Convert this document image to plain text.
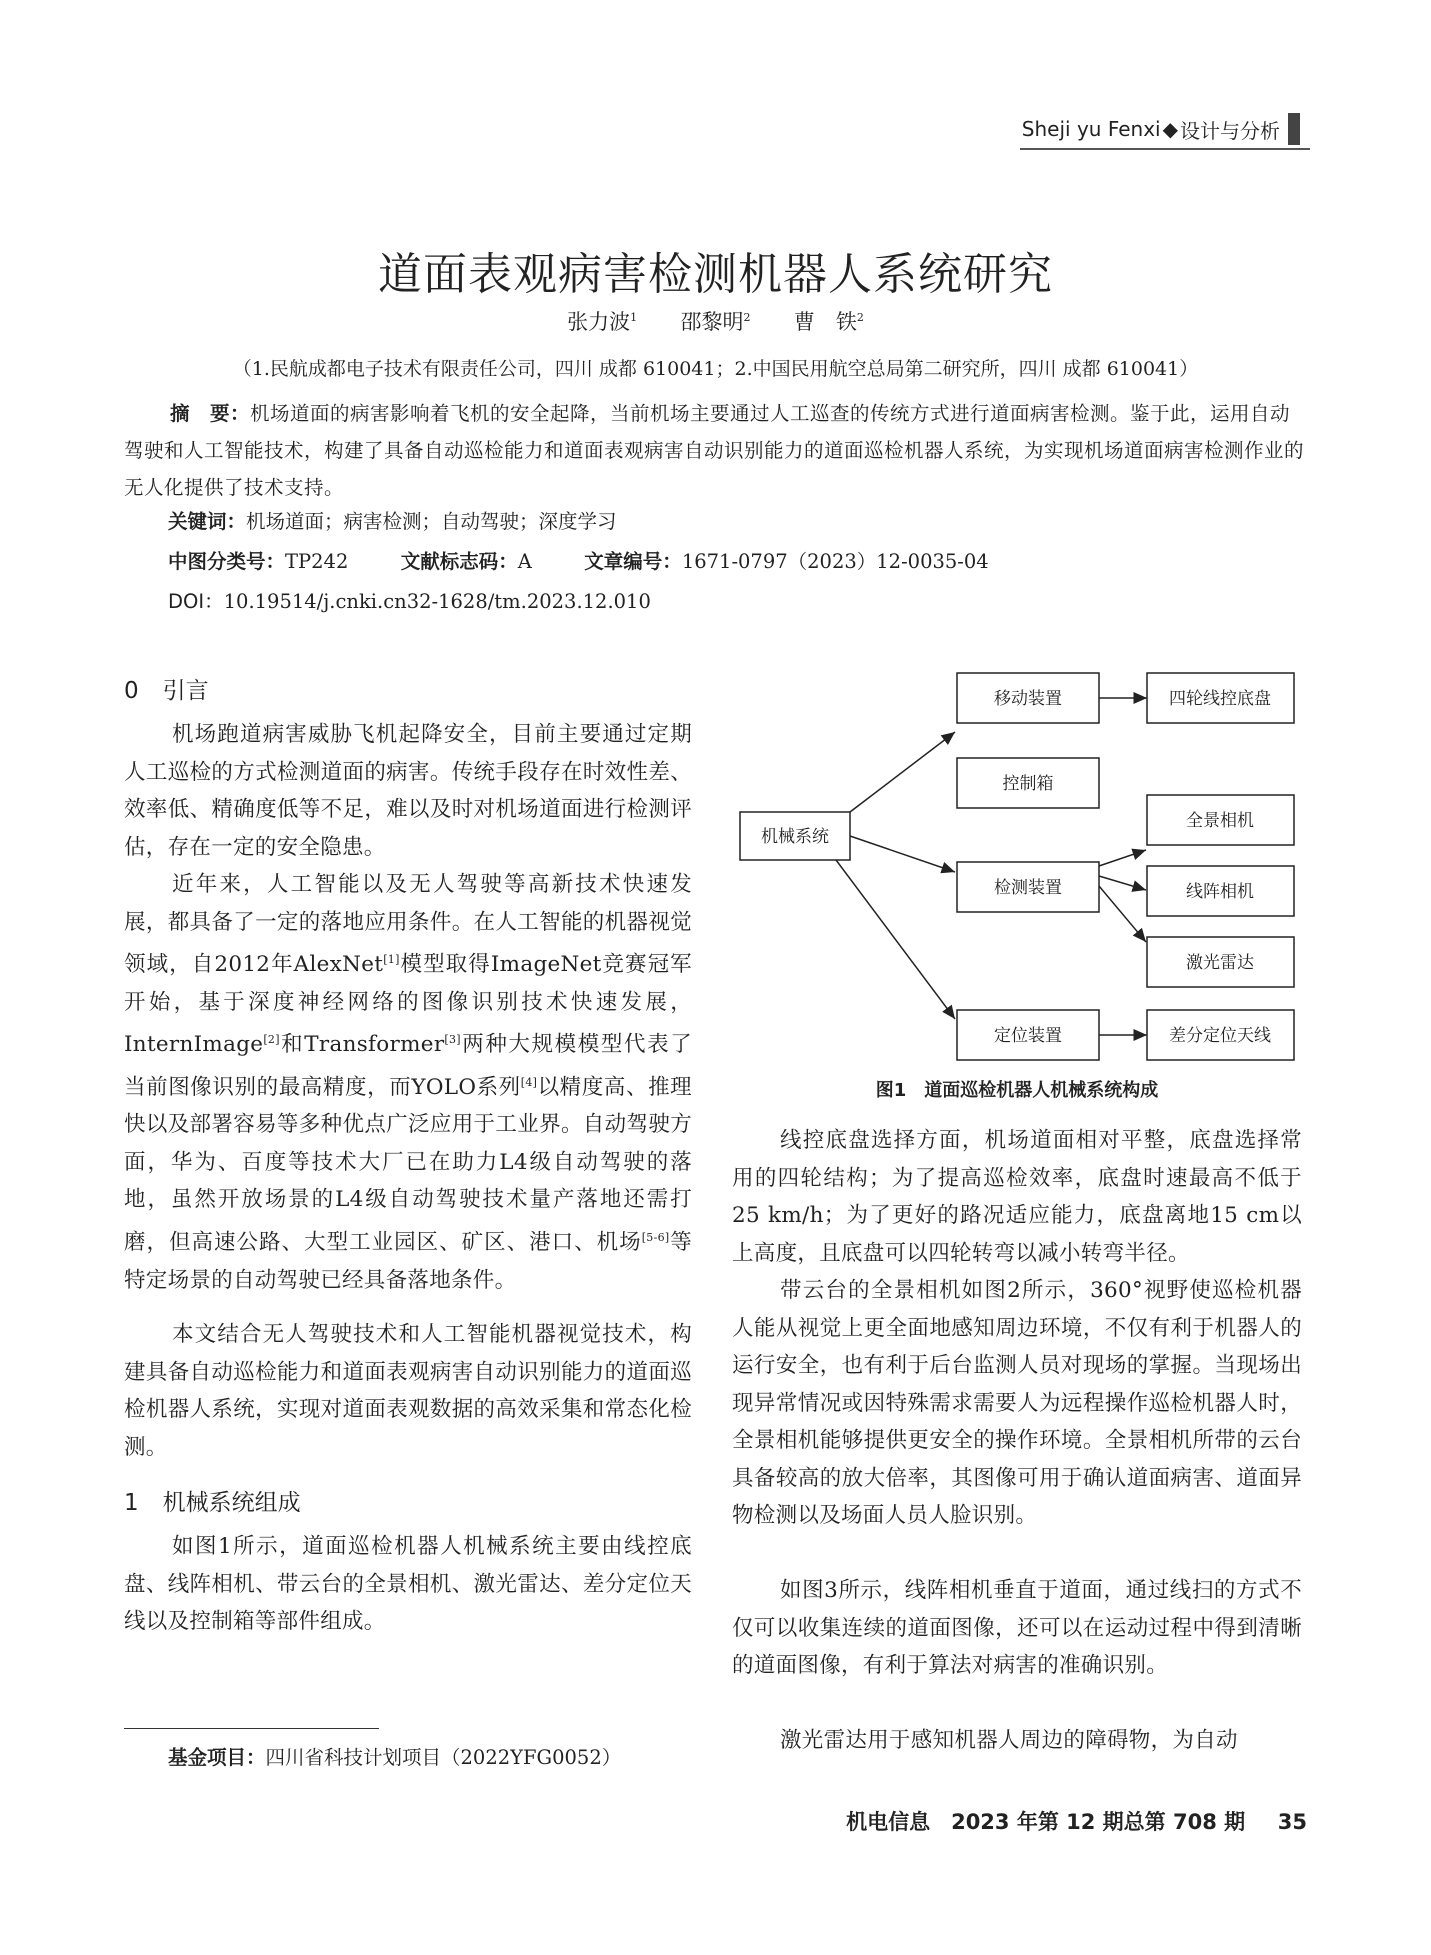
Sheji yu Fenxi ◆ 设计与分析
道面表观病害检测机器人系统研究
张力波$^1$ 邵黎明$^2$ 曹　铁$^2$
（1.民航成都电子技术有限责任公司，四川 成都 610041；2.中国民用航空总局第二研究所，四川 成都 610041）
摘　要：机场道面的病害影响着飞机的安全起降，当前机场主要通过人工巡查的传统方式进行道面病害检测。鉴于此，运用自动驾驶和人工智能技术，构建了具备自动巡检能力和道面表观病害自动识别能力的道面巡检机器人系统，为实现机场道面病害检测作业的无人化提供了技术支持。
关键词：机场道面；病害检测；自动驾驶；深度学习
中图分类号：TP242	文献标志码：A	文章编号：1671-0797（2023）12-0035-04
DOI：10.19514/j.cnki.cn32-1628/tm.2023.12.010
0 引言
机场跑道病害威胁飞机起降安全，目前主要通过定期人工巡检的方式检测道面的病害。传统手段存在时效性差、效率低、精确度低等不足，难以及时对机场道面进行检测评估，存在一定的安全隐患。
近年来，人工智能以及无人驾驶等高新技术快速发展，都具备了一定的落地应用条件。在人工智能的机器视觉领域，自2012年AlexNet[1]模型取得ImageNet竞赛冠军开始，基于深度神经网络的图像识别技术快速发展，InternImage[2]和Transformer[3]两种大规模模型代表了当前图像识别的最高精度，而YOLO系列[4]以精度高、推理快以及部署容易等多种优点广泛应用于工业界。自动驾驶方面，华为、百度等技术大厂已在助力L4级自动驾驶的落地，虽然开放场景的L4级自动驾驶技术量产落地还需打磨，但高速公路、大型工业园区、矿区、港口、机场[5-6]等特定场景的自动驾驶已经具备落地条件。
本文结合无人驾驶技术和人工智能机器视觉技术，构建具备自动巡检能力和道面表观病害自动识别能力的道面巡检机器人系统，实现对道面表观数据的高效采集和常态化检测。
1 机械系统组成
如图1所示，道面巡检机器人机械系统主要由线控底盘、线阵相机、带云台的全景相机、激光雷达、差分定位天线以及控制箱等部件组成。
基金项目：四川省科技计划项目（2022YFG0052）
机械系统
移动装置	四轮线控底盘
控制箱
全景相机
检测装置	线阵相机
激光雷达
定位装置	差分定位天线
图1　道面巡检机器人机械系统构成
线控底盘选择方面，机场道面相对平整，底盘选择常用的四轮结构；为了提高巡检效率，底盘时速最高不低于25 km/h；为了更好的路况适应能力，底盘离地15 cm以上高度，且底盘可以四轮转弯以减小转弯半径。
带云台的全景相机如图2所示，360°视野使巡检机器人能从视觉上更全面地感知周边环境，不仅有利于机器人的运行安全，也有利于后台监测人员对现场的掌握。当现场出现异常情况或因特殊需求需要人为远程操作巡检机器人时，全景相机能够提供更安全的操作环境。全景相机所带的云台具备较高的放大倍率，其图像可用于确认道面病害、道面异物检测以及场面人员人脸识别。
如图3所示，线阵相机垂直于道面，通过线扫的方式不仅可以收集连续的道面图像，还可以在运动过程中得到清晰的道面图像，有利于算法对病害的准确识别。
激光雷达用于感知机器人周边的障碍物，为自动
机电信息　2023 年第 12 期总第 708 期 35
